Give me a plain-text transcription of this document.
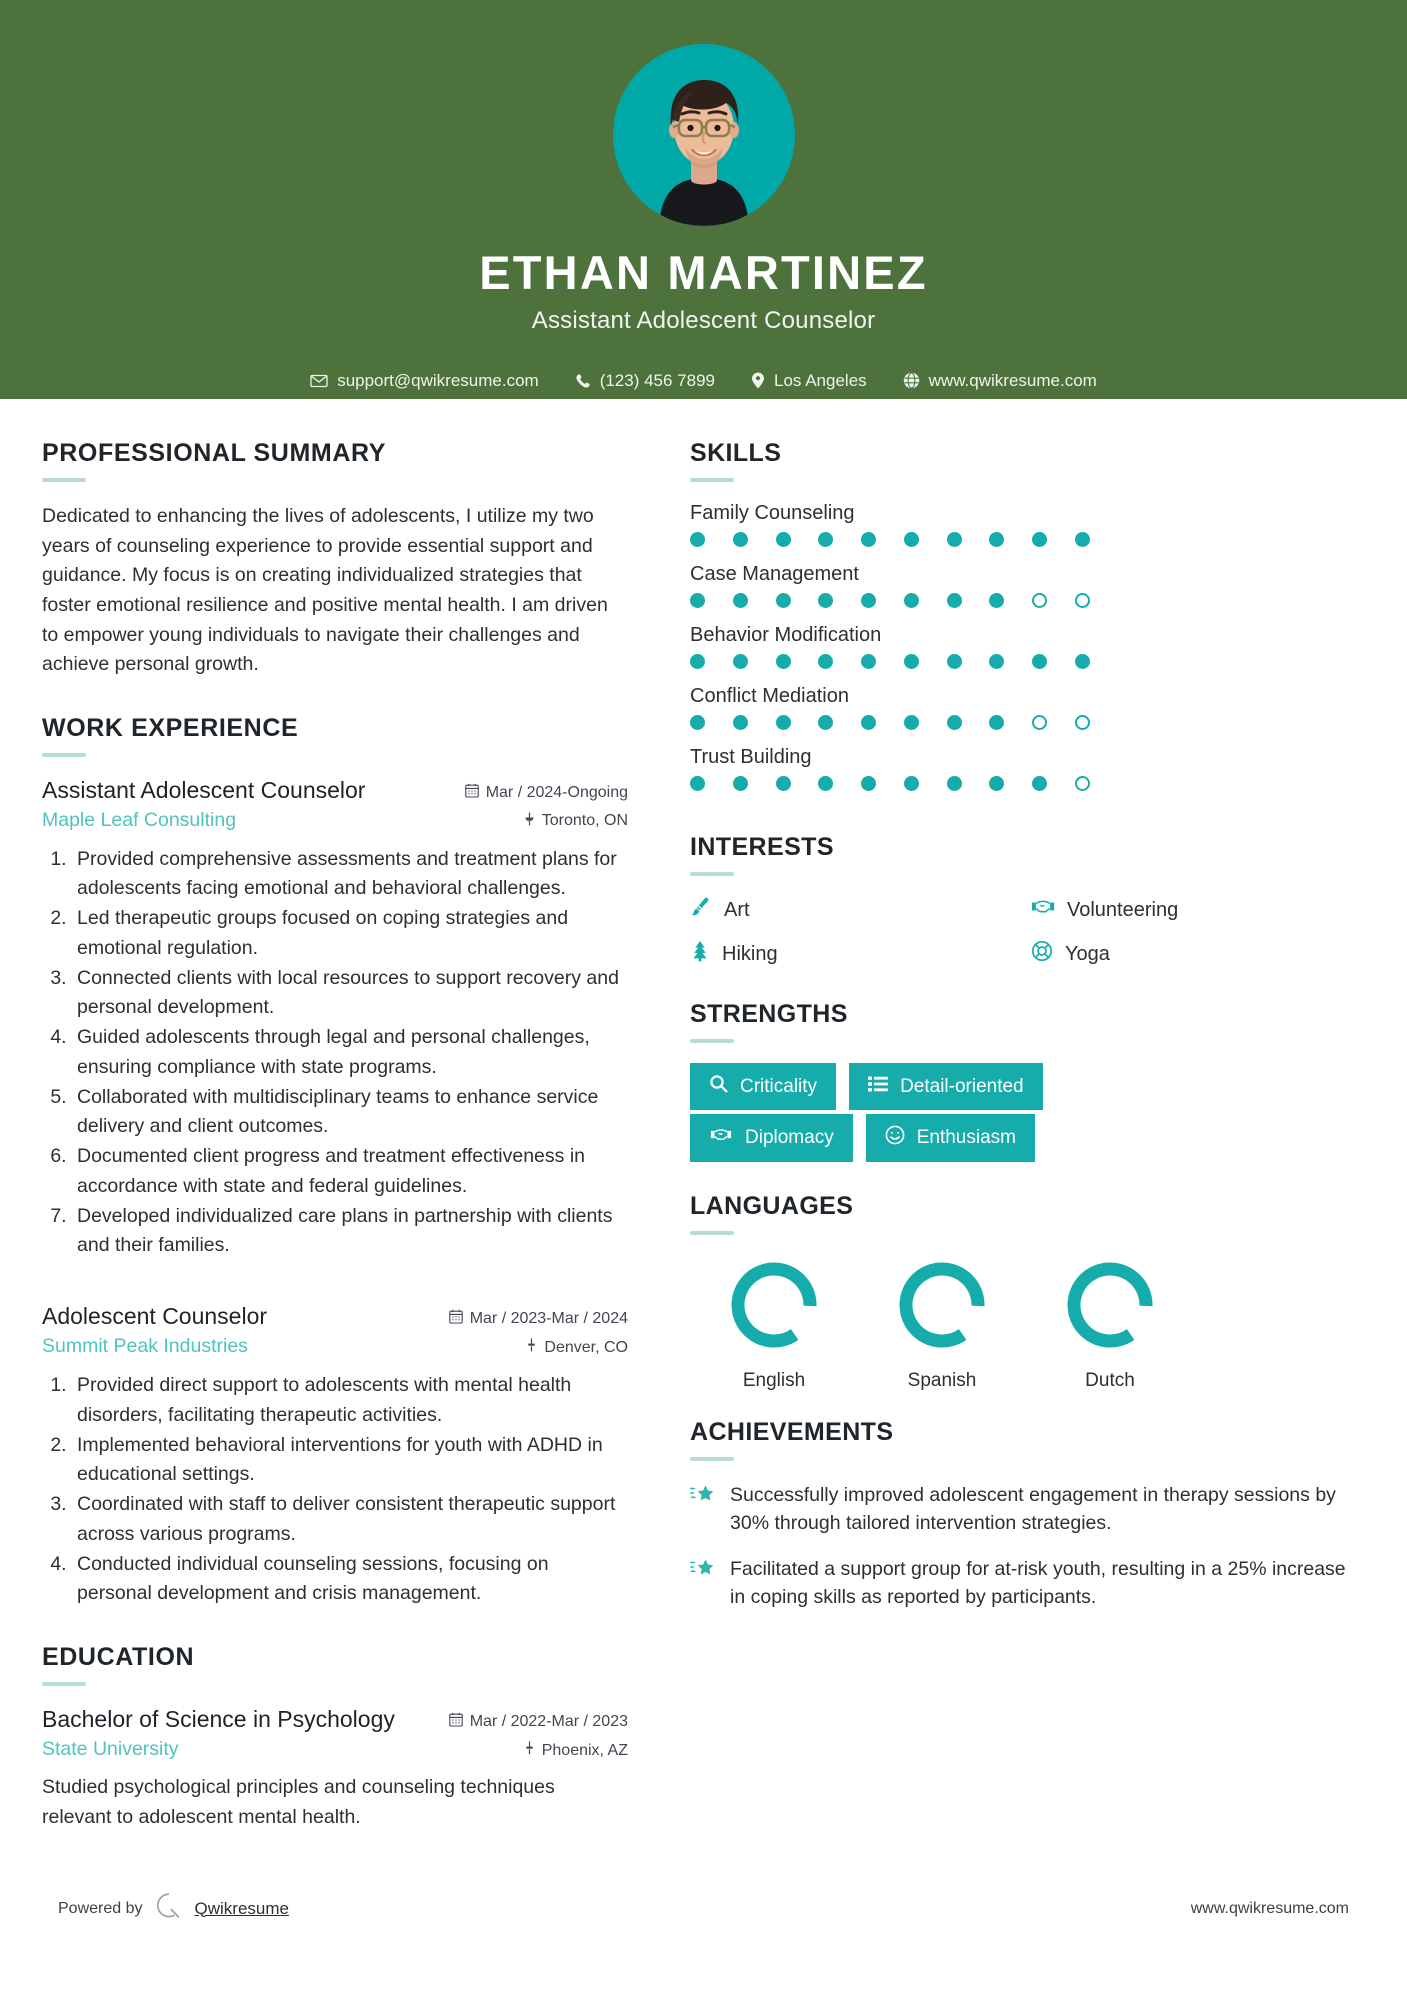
ETHAN MARTINEZ
Assistant Adolescent Counselor
support@qwikresume.com	(123) 456 7899	Los Angeles	www.qwikresume.com
PROFESSIONAL SUMMARY
Dedicated to enhancing the lives of adolescents, I utilize my two years of counseling experience to provide essential support and guidance. My focus is on creating individualized strategies that foster emotional resilience and positive mental health. I am driven to empower young individuals to navigate their challenges and achieve personal growth.
WORK EXPERIENCE
Assistant Adolescent Counselor	Mar / 2024-Ongoing
Maple Leaf Consulting	Toronto, ON
1. Provided comprehensive assessments and treatment plans for adolescents facing emotional and behavioral challenges.
2. Led therapeutic groups focused on coping strategies and emotional regulation.
3. Connected clients with local resources to support recovery and personal development.
4. Guided adolescents through legal and personal challenges, ensuring compliance with state programs.
5. Collaborated with multidisciplinary teams to enhance service delivery and client outcomes.
6. Documented client progress and treatment effectiveness in accordance with state and federal guidelines.
7. Developed individualized care plans in partnership with clients and their families.
Adolescent Counselor	Mar / 2023-Mar / 2024
Summit Peak Industries	Denver, CO
1. Provided direct support to adolescents with mental health disorders, facilitating therapeutic activities.
2. Implemented behavioral interventions for youth with ADHD in educational settings.
3. Coordinated with staff to deliver consistent therapeutic support across various programs.
4. Conducted individual counseling sessions, focusing on personal development and crisis management.
EDUCATION
Bachelor of Science in Psychology	Mar / 2022-Mar / 2023
State University	Phoenix, AZ
Studied psychological principles and counseling techniques relevant to adolescent mental health.
SKILLS
Family Counseling
Case Management
Behavior Modification
Conflict Mediation
Trust Building
INTERESTS
Art	Volunteering
Hiking	Yoga
STRENGTHS
Criticality	Detail-oriented
Diplomacy	Enthusiasm
LANGUAGES
English	Spanish	Dutch
ACHIEVEMENTS
Successfully improved adolescent engagement in therapy sessions by 30% through tailored intervention strategies.
Facilitated a support group for at-risk youth, resulting in a 25% increase in coping skills as reported by participants.
Powered by	Qwikresume	www.qwikresume.com
